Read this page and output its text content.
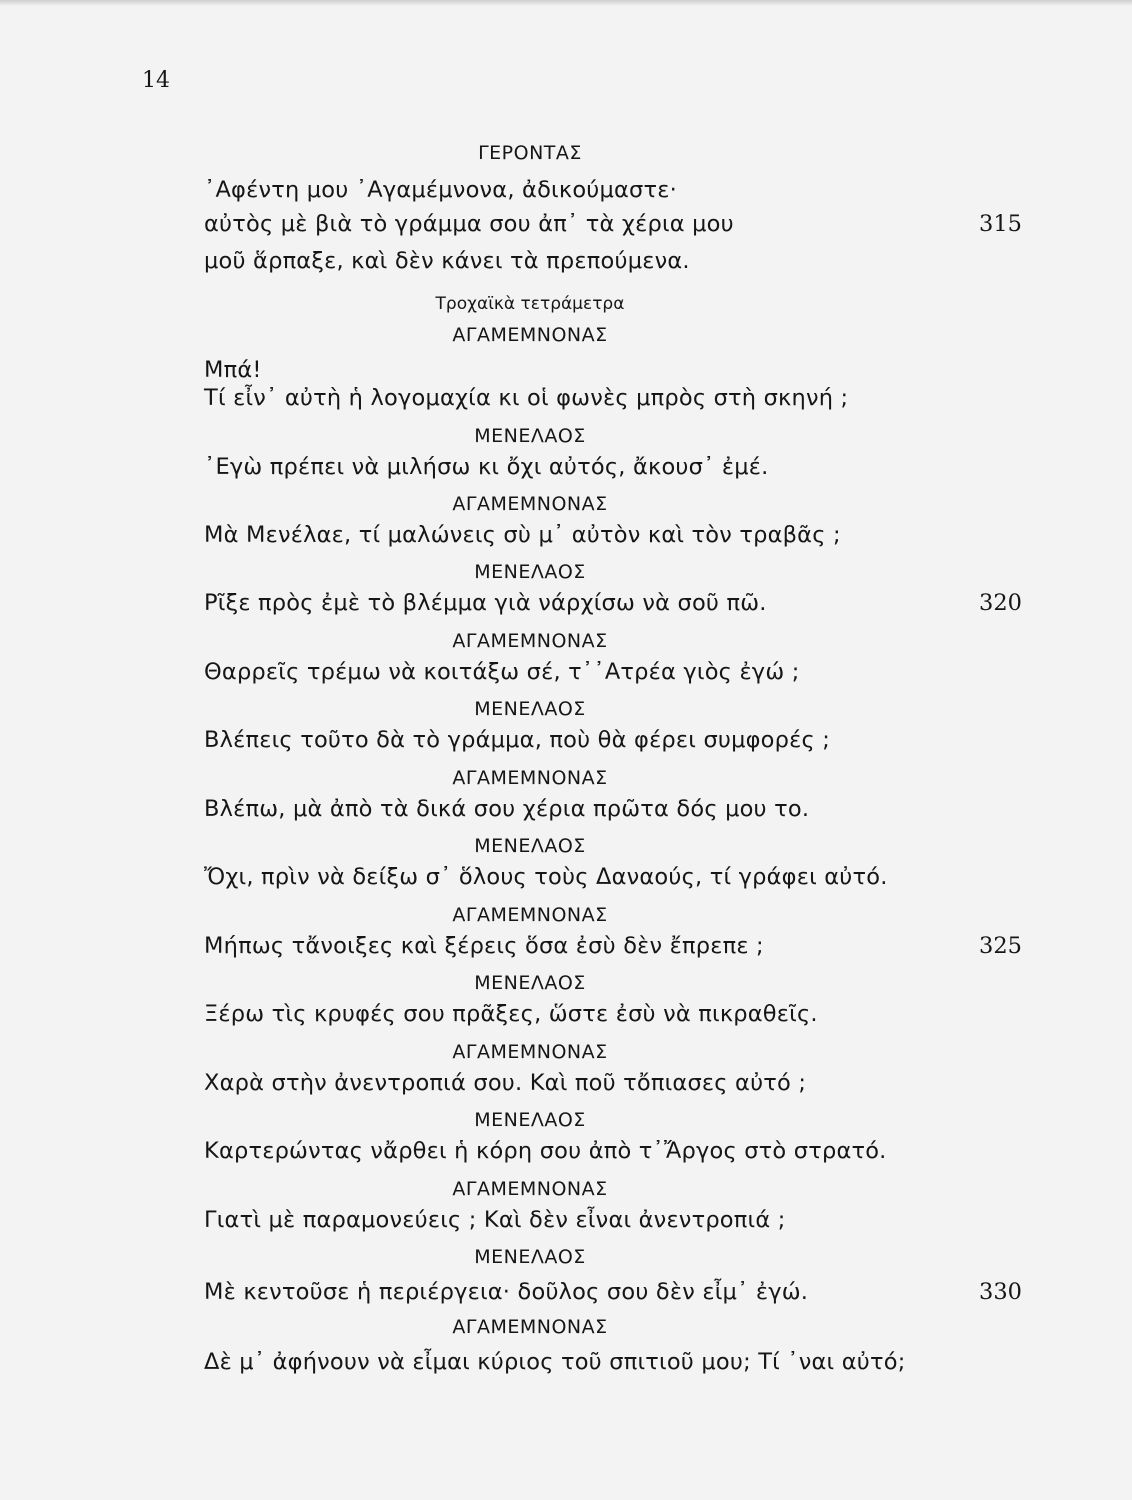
14
ΓΕΡΟΝΤΑΣ
᾿Αφέντη μου ᾿Αγαμέμνονα, ἀδικούμαστε·
αὐτὸς μὲ βιὰ τὸ γράμμα σου ἀπ᾿ τὰ χέρια μου	315
μοῦ ἅρπαξε, καὶ δὲν κάνει τὰ πρεπούμενα.
Τροχαϊκὰ τετράμετρα
ΑΓΑΜΕΜΝΟΝΑΣ
Μπά!
Τί εἶν᾿ αὐτὴ ἡ λογομαχία κι οἱ φωνὲς μπρὸς στὴ σκηνή ;
ΜΕΝΕΛΑΟΣ
᾿Εγὼ πρέπει νὰ μιλήσω κι ὄχι αὐτός, ἄκουσ᾿ ἐμέ.
ΑΓΑΜΕΜΝΟΝΑΣ
Μὰ Μενέλαε, τί μαλώνεις σὺ μ᾿ αὐτὸν καὶ τὸν τραβᾶς ;
ΜΕΝΕΛΑΟΣ
Ρῖξε πρὸς ἐμὲ τὸ βλέμμα γιὰ νάρχίσω νὰ σοῦ πῶ.	320
ΑΓΑΜΕΜΝΟΝΑΣ
Θαρρεῖς τρέμω νὰ κοιτάξω σέ, τ᾿᾿Ατρέα γιὸς ἐγώ ;
ΜΕΝΕΛΑΟΣ
Βλέπεις τοῦτο δὰ τὸ γράμμα, ποὺ θὰ φέρει συμφορές ;
ΑΓΑΜΕΜΝΟΝΑΣ
Βλέπω, μὰ ἀπὸ τὰ δικά σου χέρια πρῶτα δός μου το.
ΜΕΝΕΛΑΟΣ
Ὄχι, πρὶν νὰ δείξω σ᾿ ὅλους τοὺς Δαναούς, τί γράφει αὐτό.
ΑΓΑΜΕΜΝΟΝΑΣ
Μήπως τἄνοιξες καὶ ξέρεις ὅσα ἐσὺ δὲν ἔπρεπε ;	325
ΜΕΝΕΛΑΟΣ
Ξέρω τὶς κρυφές σου πρᾶξες, ὥστε ἐσὺ νὰ πικραθεῖς.
ΑΓΑΜΕΜΝΟΝΑΣ
Χαρὰ στὴν ἀνεντροπιά σου. Καὶ ποῦ τὄπιασες αὐτό ;
ΜΕΝΕΛΑΟΣ
Καρτερώντας νἄρθει ἡ κόρη σου ἀπὸ τ᾿Ἄργος στὸ στρατό.
ΑΓΑΜΕΜΝΟΝΑΣ
Γιατὶ μὲ παραμονεύεις ; Καὶ δὲν εἶναι ἀνεντροπιά ;
ΜΕΝΕΛΑΟΣ
Μὲ κεντοῦσε ἡ περιέργεια· δοῦλος σου δὲν εἶμ᾿ ἐγώ.	330
ΑΓΑΜΕΜΝΟΝΑΣ
Δὲ μ᾿ ἀφήνουν νὰ εἶμαι κύριος τοῦ σπιτιοῦ μου; Τί ᾿ναι αὐτό;
